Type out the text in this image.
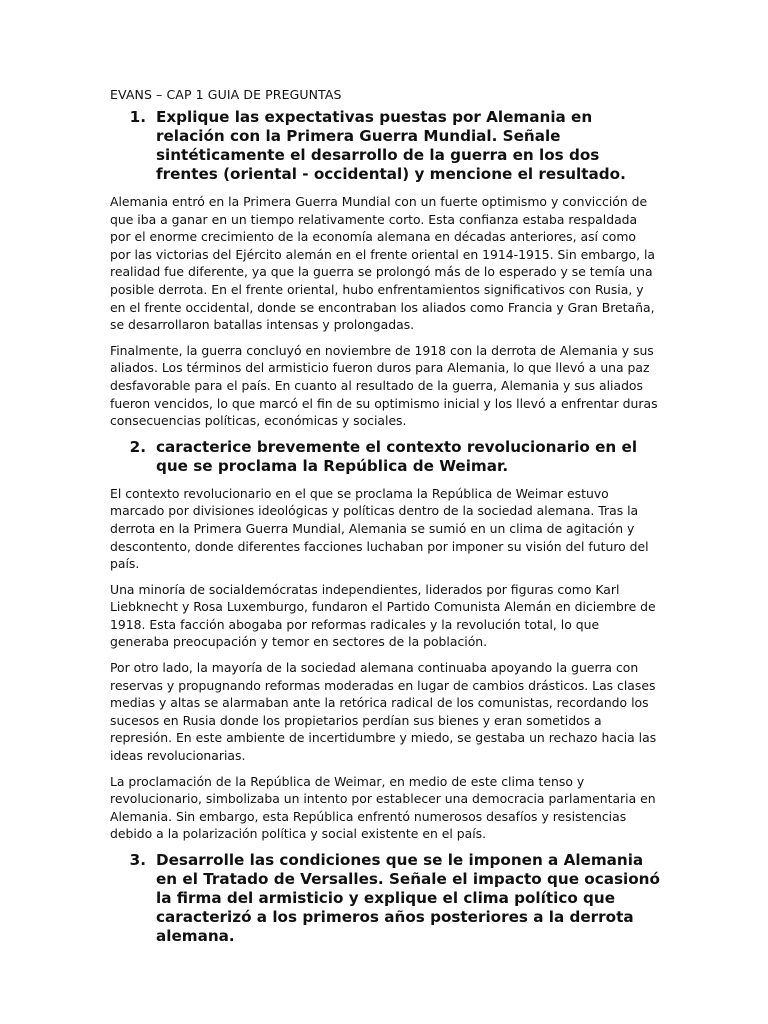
EVANS – CAP 1 GUIA DE PREGUNTAS
1. Explique las expectativas puestas por Alemania en relación con la Primera Guerra Mundial. Señale sintéticamente el desarrollo de la guerra en los dos frentes (oriental - occidental) y mencione el resultado.

Alemania entró en la Primera Guerra Mundial con un fuerte optimismo y convicción de que iba a ganar en un tiempo relativamente corto. Esta confianza estaba respaldada por el enorme crecimiento de la economía alemana en décadas anteriores, así como por las victorias del Ejército alemán en el frente oriental en 1914-1915. Sin embargo, la realidad fue diferente, ya que la guerra se prolongó más de lo esperado y se temía una posible derrota. En el frente oriental, hubo enfrentamientos significativos con Rusia, y en el frente occidental, donde se encontraban los aliados como Francia y Gran Bretaña, se desarrollaron batallas intensas y prolongadas.

Finalmente, la guerra concluyó en noviembre de 1918 con la derrota de Alemania y sus aliados. Los términos del armisticio fueron duros para Alemania, lo que llevó a una paz desfavorable para el país. En cuanto al resultado de la guerra, Alemania y sus aliados fueron vencidos, lo que marcó el fin de su optimismo inicial y los llevó a enfrentar duras consecuencias políticas, económicas y sociales.

2. caracterice brevemente el contexto revolucionario en el que se proclama la República de Weimar.

El contexto revolucionario en el que se proclama la República de Weimar estuvo marcado por divisiones ideológicas y políticas dentro de la sociedad alemana. Tras la derrota en la Primera Guerra Mundial, Alemania se sumió en un clima de agitación y descontento, donde diferentes facciones luchaban por imponer su visión del futuro del país.

Una minoría de socialdemócratas independientes, liderados por figuras como Karl Liebknecht y Rosa Luxemburgo, fundaron el Partido Comunista Alemán en diciembre de 1918. Esta facción abogaba por reformas radicales y la revolución total, lo que generaba preocupación y temor en sectores de la población.

Por otro lado, la mayoría de la sociedad alemana continuaba apoyando la guerra con reservas y propugnando reformas moderadas en lugar de cambios drásticos. Las clases medias y altas se alarmaban ante la retórica radical de los comunistas, recordando los sucesos en Rusia donde los propietarios perdían sus bienes y eran sometidos a represión. En este ambiente de incertidumbre y miedo, se gestaba un rechazo hacia las ideas revolucionarias.

La proclamación de la República de Weimar, en medio de este clima tenso y revolucionario, simbolizaba un intento por establecer una democracia parlamentaria en Alemania. Sin embargo, esta República enfrentó numerosos desafíos y resistencias debido a la polarización política y social existente en el país.

3. Desarrolle las condiciones que se le imponen a Alemania en el Tratado de Versalles. Señale el impacto que ocasionó la firma del armisticio y explique el clima político que caracterizó a los primeros años posteriores a la derrota alemana.
